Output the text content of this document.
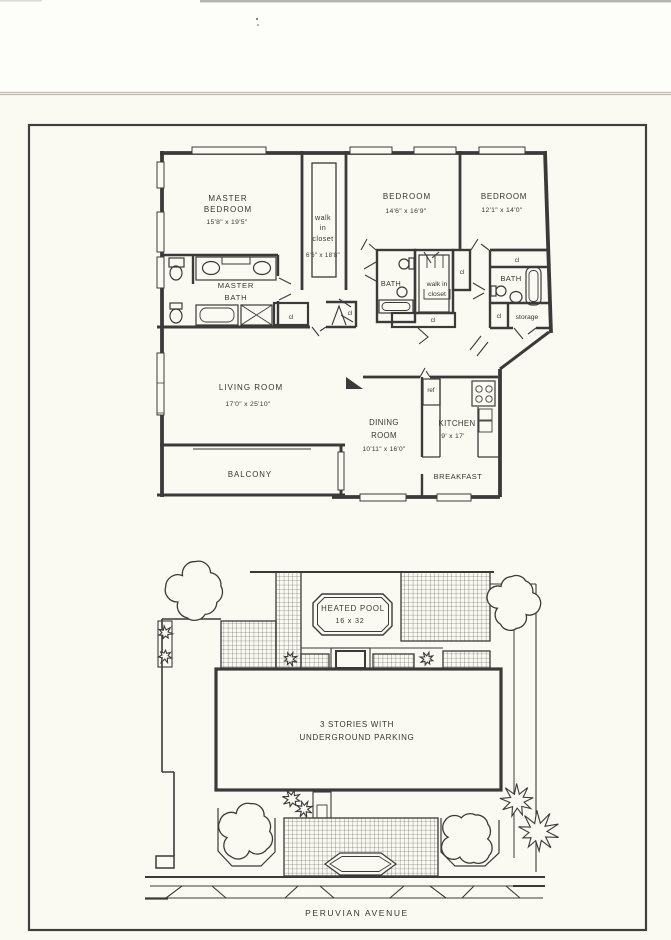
MASTER
BEDROOM
15'8" x 19'5"
walk
in
closet
6'6" x 18'8"
BEDROOM
14'6" x 16'9"
BEDROOM
12'1" x 14'0"
MASTER
BATH
BATH	walk in
closet
cl
cl
cl
cl
cl
cl
BATH
storage
LIVING ROOM
17'0" x 25'10"
BALCONY
DINING
ROOM
10'11" x 16'0"
KITCHEN
9' x 17'
ref
BREAKFAST
HEATED POOL
16 x 32
3 STORIES WITH
UNDERGROUND PARKING
PERUVIAN AVENUE
